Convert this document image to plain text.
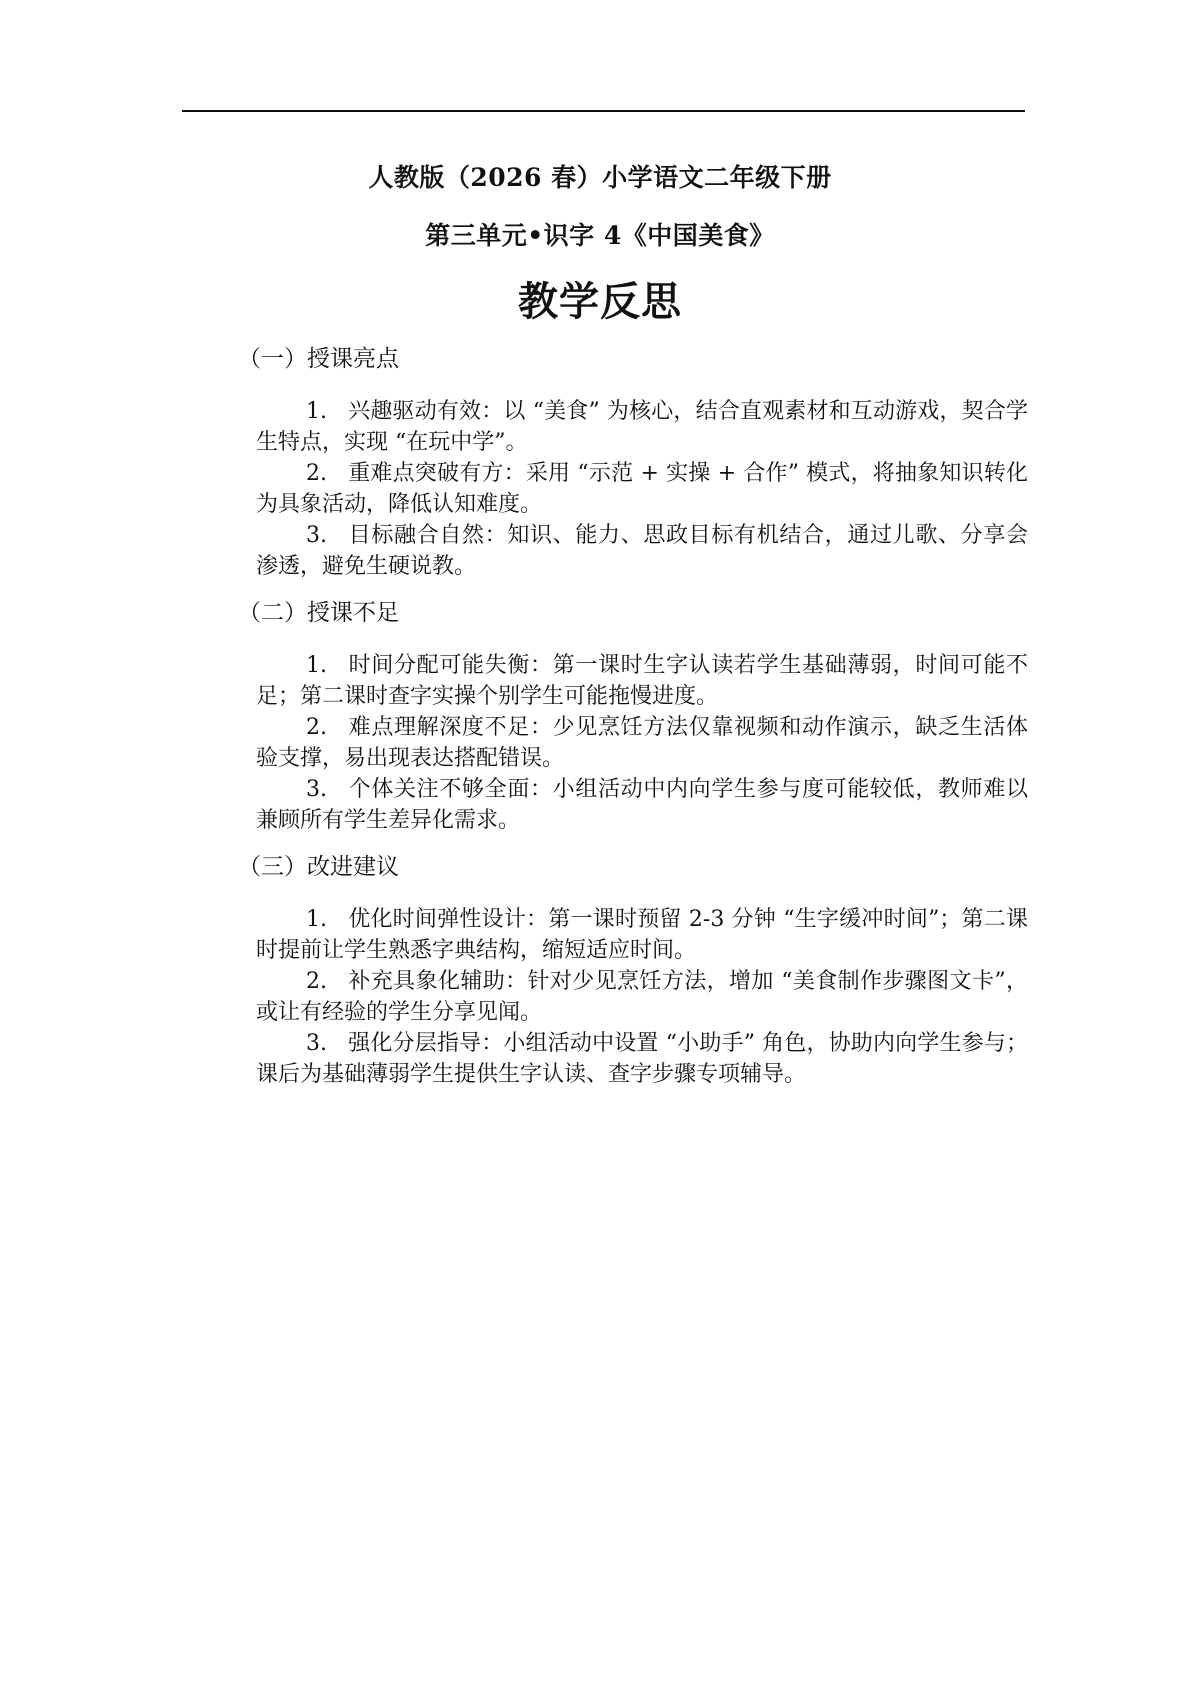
人教版（2026 春）小学语文二年级下册

第三单元•识字 4《中国美食》

教学反思

（一）授课亮点

1. 兴趣驱动有效：以 “美食” 为核心，结合直观素材和互动游戏，契合学生特点，实现 “在玩中学”。
2. 重难点突破有方：采用 “示范 + 实操 + 合作” 模式，将抽象知识转化为具象活动，降低认知难度。
3. 目标融合自然：知识、能力、思政目标有机结合，通过儿歌、分享会渗透，避免生硬说教。

（二）授课不足

1. 时间分配可能失衡：第一课时生字认读若学生基础薄弱，时间可能不足；第二课时查字实操个别学生可能拖慢进度。
2. 难点理解深度不足：少见烹饪方法仅靠视频和动作演示，缺乏生活体验支撑，易出现表达搭配错误。
3. 个体关注不够全面：小组活动中内向学生参与度可能较低，教师难以兼顾所有学生差异化需求。

（三）改进建议

1. 优化时间弹性设计：第一课时预留 2-3 分钟 “生字缓冲时间”；第二课时提前让学生熟悉字典结构，缩短适应时间。
2. 补充具象化辅助：针对少见烹饪方法，增加 “美食制作步骤图文卡”，或让有经验的学生分享见闻。
3. 强化分层指导：小组活动中设置 “小助手” 角色，协助内向学生参与；课后为基础薄弱学生提供生字认读、查字步骤专项辅导。
